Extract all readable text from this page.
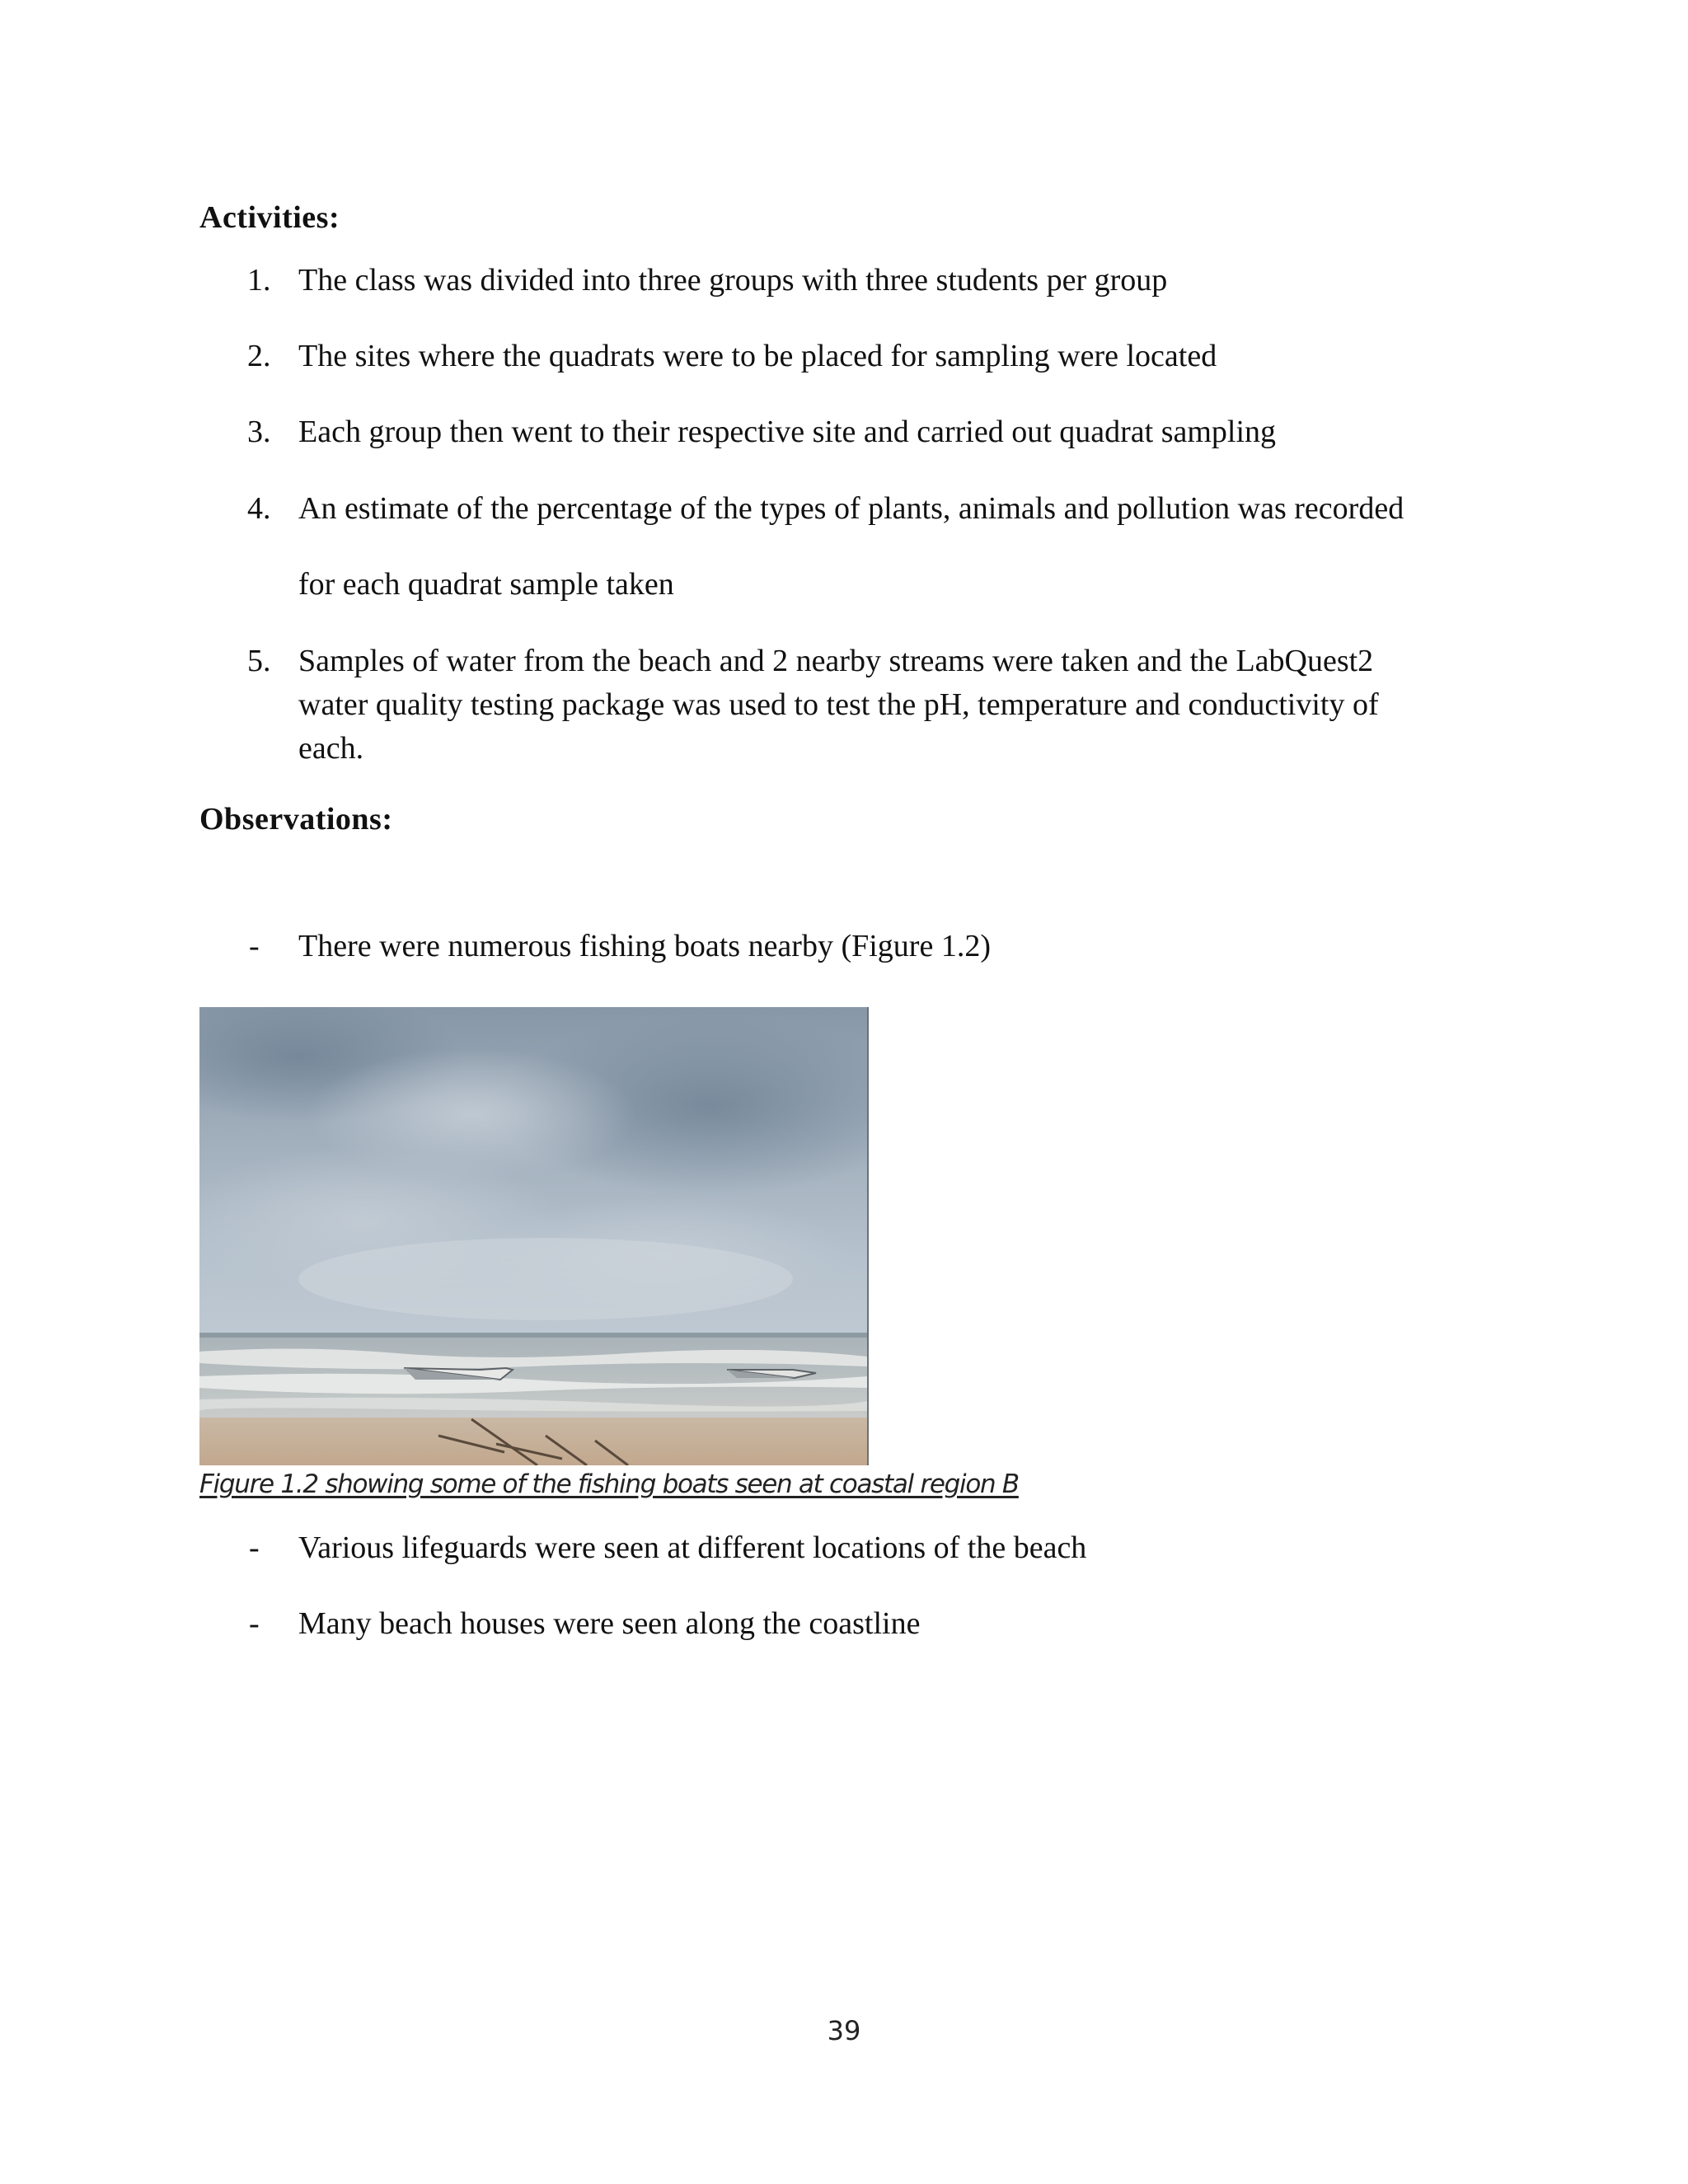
Activities:
1. The class was divided into three groups with three students per group
2. The sites where the quadrats were to be placed for sampling were located
3. Each group then went to their respective site and carried out quadrat sampling
4. An estimate of the percentage of the types of plants, animals and pollution was recorded
for each quadrat sample taken
5. Samples of water from the beach and 2 nearby streams were taken and the LabQuest2 water quality testing package was used to test the pH, temperature and conductivity of each.
Observations:
- There were numerous fishing boats nearby (Figure 1.2)
Figure 1.2 showing some of the fishing boats seen at coastal region B
- Various lifeguards were seen at different locations of the beach
- Many beach houses were seen along the coastline
39
